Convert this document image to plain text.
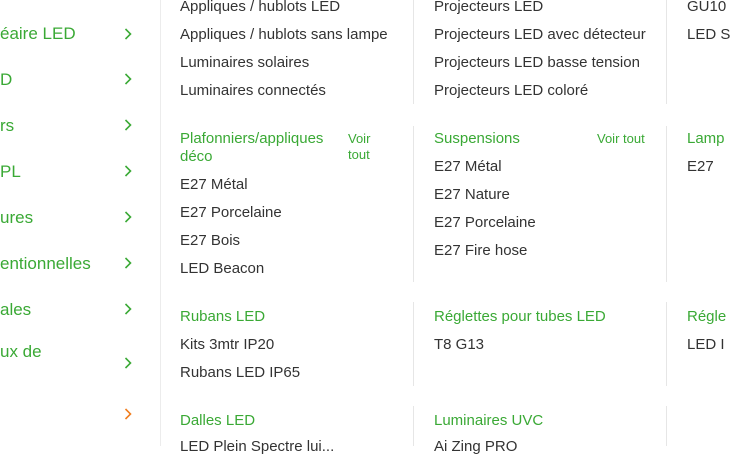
éaire LED
D
rs
PL
ures
entionnelles
ales
ux de
Appliques / hublots LED
Appliques / hublots sans lampe
Luminaires solaires
Luminaires connectés
Plafonniers/appliques
déco
Voir
tout
E27 Métal
E27 Porcelaine
E27 Bois
LED Beacon
Rubans LED
Kits 3mtr IP20
Rubans LED IP65
Dalles LED
LED Plein Spectre lui...
Projecteurs LED
Projecteurs LED avec détecteur
Projecteurs LED basse tension
Projecteurs LED coloré
Suspensions	Voir tout
E27 Métal
E27 Nature
E27 Porcelaine
E27 Fire hose
Réglettes pour tubes LED
T8 G13
Luminaires UVC
Ai Zing PRO
GU10
LED S
Lamp
E27
Régle
LED I
